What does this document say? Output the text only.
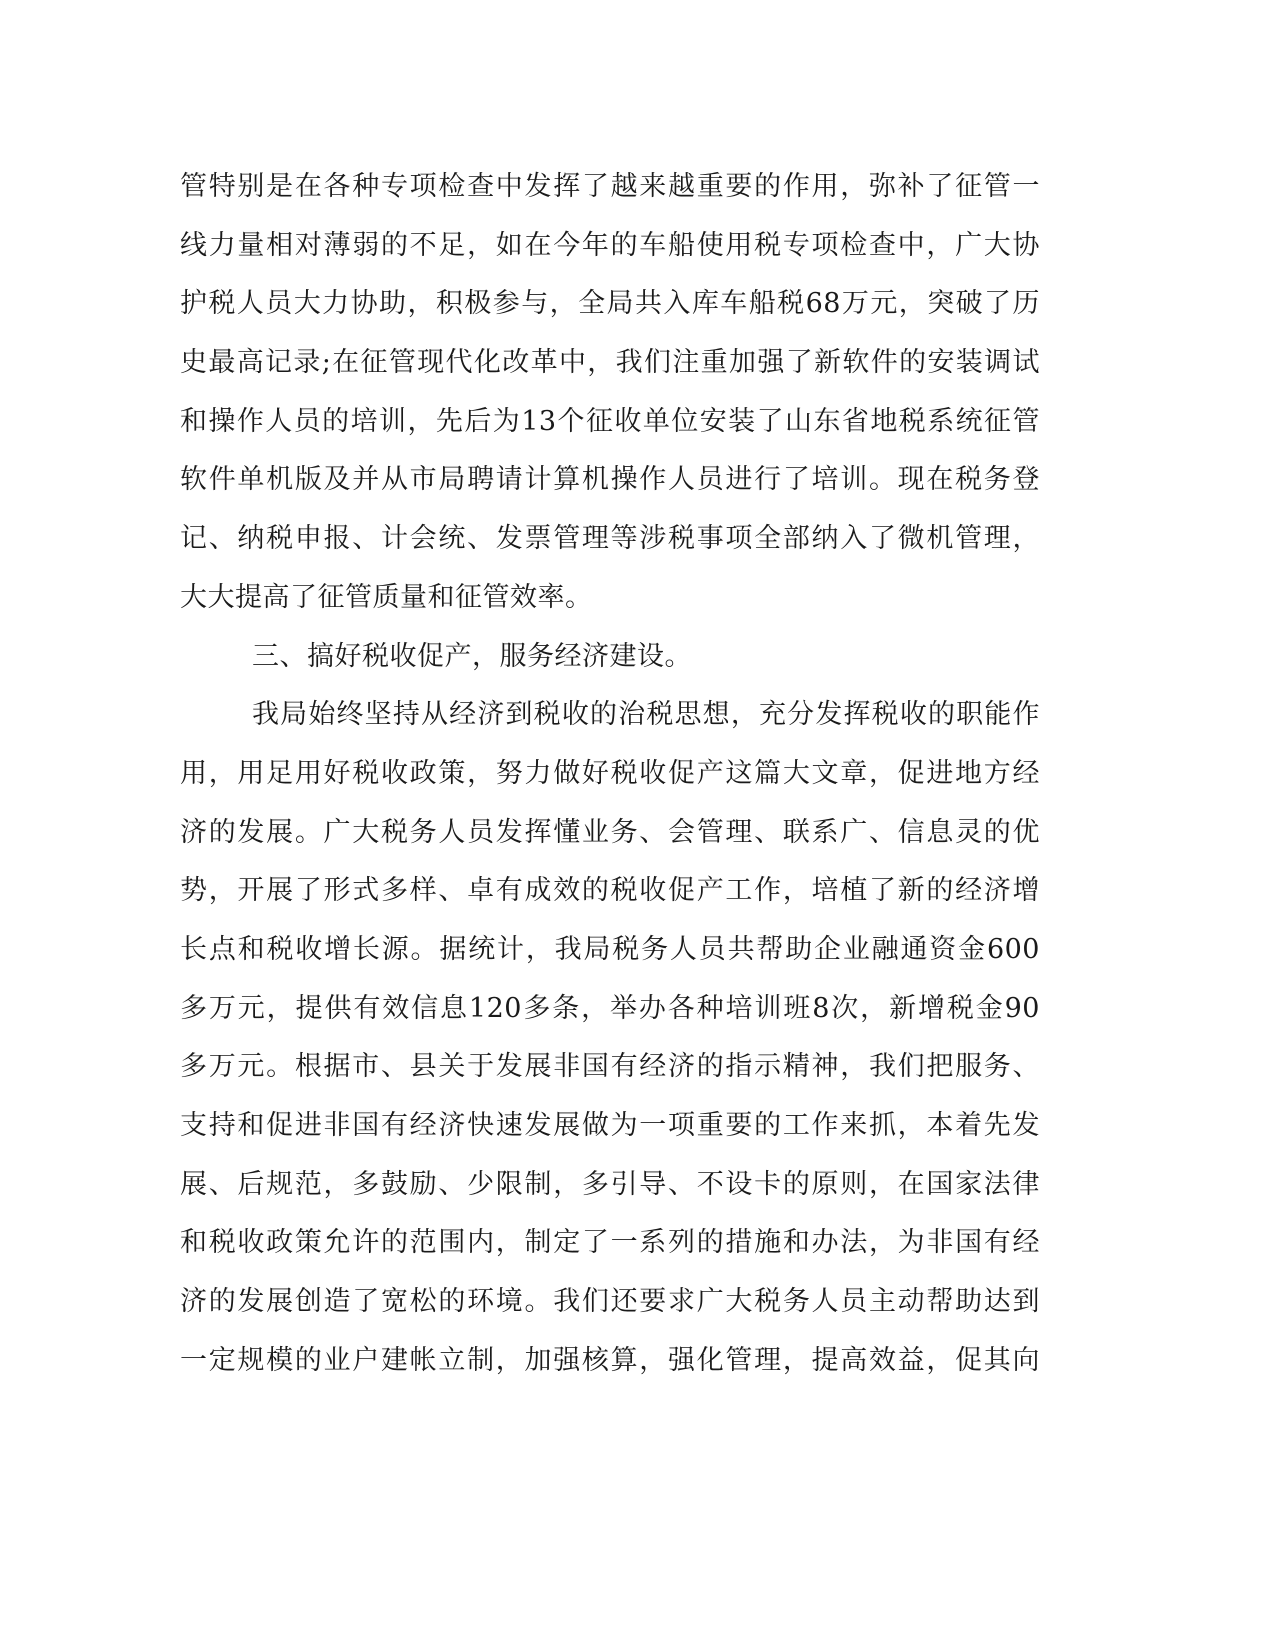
管特别是在各种专项检查中发挥了越来越重要的作用，弥补了征管一
线力量相对薄弱的不足，如在今年的车船使用税专项检查中，广大协
护税人员大力协助，积极参与，全局共入库车船税68万元，突破了历
史最高记录;在征管现代化改革中，我们注重加强了新软件的安装调试
和操作人员的培训，先后为13个征收单位安装了山东省地税系统征管
软件单机版及并从市局聘请计算机操作人员进行了培训。现在税务登
记、纳税申报、计会统、发票管理等涉税事项全部纳入了微机管理，
大大提高了征管质量和征管效率。
三、搞好税收促产，服务经济建设。
我局始终坚持从经济到税收的治税思想，充分发挥税收的职能作
用，用足用好税收政策，努力做好税收促产这篇大文章，促进地方经
济的发展。广大税务人员发挥懂业务、会管理、联系广、信息灵的优
势，开展了形式多样、卓有成效的税收促产工作，培植了新的经济增
长点和税收增长源。据统计，我局税务人员共帮助企业融通资金600
多万元，提供有效信息120多条，举办各种培训班8次，新增税金90
多万元。根据市、县关于发展非国有经济的指示精神，我们把服务、
支持和促进非国有经济快速发展做为一项重要的工作来抓，本着先发
展、后规范，多鼓励、少限制，多引导、不设卡的原则，在国家法律
和税收政策允许的范围内，制定了一系列的措施和办法，为非国有经
济的发展创造了宽松的环境。我们还要求广大税务人员主动帮助达到
一定规模的业户建帐立制，加强核算，强化管理，提高效益，促其向
